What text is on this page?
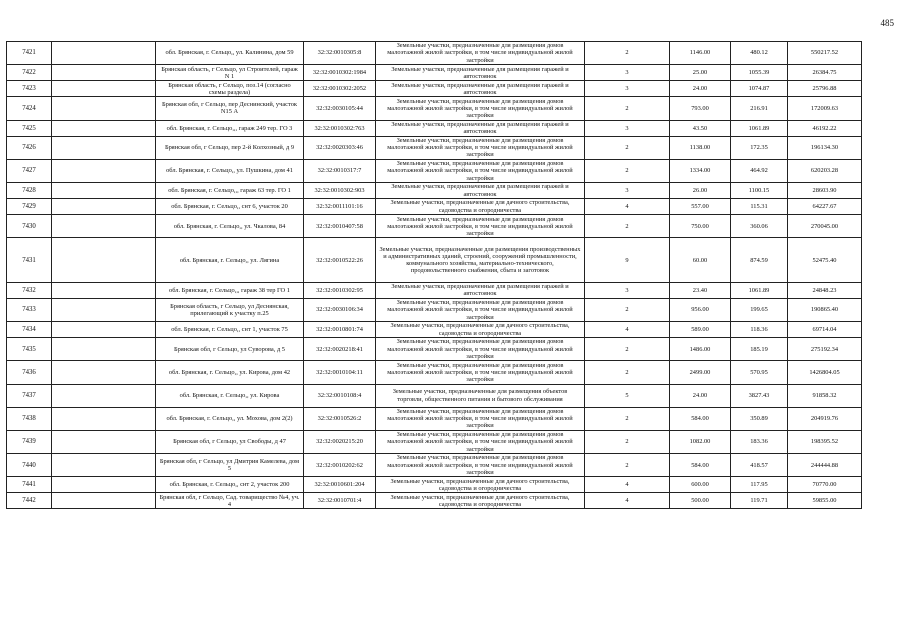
485
7421		обл. Брянская, г. Сельцо,, ул. Калинина, дом 59	32:32:0010305:8	Земельные участки, предназначенные для размещения домов малоэтажной жилой застройки, в том числе индивидуальной жилой застройки	2	1146.00	480.12	550217.52
7422		Брянская область, г Сельцо, ул Строителей, гараж N 1	32:32:0010302:1984	Земельные участки, предназначенные для размещения гаражей и автостоянок	3	25.00	1055.39	26384.75
7423		Брянская область, г Сельцо, поз.14 (согласно схемы раздела)	32:32:0010302:2052	Земельные участки, предназначенные для размещения гаражей и автостоянок	3	24.00	1074.87	25796.88
7424		Брянская обл, г Сельцо, пер Деснинский, участок N15 А	32:32:0030105:44	Земельные участки, предназначенные для размещения домов малоэтажной жилой застройки, в том числе индивидуальной жилой застройки	2	793.00	216.91	172009.63
7425		обл. Брянская, г. Сельцо,,, гараж 249 тер. ГО 3	32:32:0010302:763	Земельные участки, предназначенные для размещения гаражей и автостоянок	3	43.50	1061.89	46192.22
7426		Брянская обл, г Сельцо, пер 2-й Колхозный, д 9	32:32:0020303:46	Земельные участки, предназначенные для размещения домов малоэтажной жилой застройки, в том числе индивидуальной жилой застройки	2	1138.00	172.35	196134.30
7427		обл. Брянская, г. Сельцо,, ул. Пушкина, дом 41	32:32:0010317:7	Земельные участки, предназначенные для размещения домов малоэтажной жилой застройки, в том числе индивидуальной жилой застройки	2	1334.00	464.92	620203.28
7428		обл. Брянская, г. Сельцо,,, гараж 63 тер. ГО 1	32:32:0010302:903	Земельные участки, предназначенные для размещения гаражей и автостоянок	3	26.00	1100.15	28603.90
7429		обл. Брянская, г. Сельцо,, снт 6, участок 20	32:32:0011101:16	Земельные участки, предназначенные для дачного строительства, садоводства и огородничества	4	557.00	115.31	64227.67
7430		обл. Брянская, г. Сельцо,, ул. Чкалова, 84	32:32:0010407:58	Земельные участки, предназначенные для размещения домов малоэтажной жилой застройки, в том числе индивидуальной жилой застройки	2	750.00	360.06	270045.00
7431		обл. Брянская, г. Сельцо,, ул. Лягина	32:32:0010522:26	Земельные участки, предназначенные для размещения производственных и административных зданий, строений, сооружений промышленности, коммунального хозяйства, материально-технического, продовольственного снабжения, сбыта и заготовок	9	60.00	874.59	52475.40
7432		обл. Брянская, г. Сельцо,,, гараж 38 тер ГО 1	32:32:0010302:95	Земельные участки, предназначенные для размещения гаражей и автостоянок	3	23.40	1061.89	24848.23
7433		Брянская область, г Сельцо, ул Деснянская, прилегающий к участку п.25	32:32:0030106:34	Земельные участки, предназначенные для размещения домов малоэтажной жилой застройки, в том числе индивидуальной жилой застройки	2	956.00	199.65	190865.40
7434		обл. Брянская, г. Сельцо,, снт 1, участок 75	32:32:0010801:74	Земельные участки, предназначенные для дачного строительства, садоводства и огородничества	4	589.00	118.36	69714.04
7435		Брянская обл, г Сельцо, ул Суворова, д 5	32:32:0020218:41	Земельные участки, предназначенные для размещения домов малоэтажной жилой застройки, в том числе индивидуальной жилой застройки	2	1486.00	185.19	275192.34
7436		обл. Брянская, г. Сельцо,, ул. Кирова, дом 42	32:32:0010104:11	Земельные участки, предназначенные для размещения домов малоэтажной жилой застройки, в том числе индивидуальной жилой застройки	2	2499.00	570.95	1426804.05
7437		обл. Брянская, г. Сельцо,, ул. Кирова	32:32:0010108:4	Земельные участки, предназначенные для размещения объектов торговли, общественного питания и бытового обслуживания	5	24.00	3827.43	91858.32
7438		обл. Брянская, г. Сельцо,, ул. Мохова, дом 2(2)	32:32:0010526:2	Земельные участки, предназначенные для размещения домов малоэтажной жилой застройки, в том числе индивидуальной жилой застройки	2	584.00	350.89	204919.76
7439		Брянская обл, г Сельцо, ул Свободы, д 47	32:32:0020215:20	Земельные участки, предназначенные для размещения домов малоэтажной жилой застройки, в том числе индивидуальной жилой застройки	2	1082.00	183.36	198395.52
7440		Брянская обл, г Сельцо, ул Дмитрия Камелева, дом 5	32:32:0010202:62	Земельные участки, предназначенные для размещения домов малоэтажной жилой застройки, в том числе индивидуальной жилой застройки	2	584.00	418.57	244444.88
7441		обл. Брянская, г. Сельцо,, снт 2, участок 200	32:32:0010601:204	Земельные участки, предназначенные для дачного строительства, садоводства и огородничества	4	600.00	117.95	70770.00
7442		Брянская обл, г Сельцо, Сад. товарищество №4, уч. 4	32:32:0010701:4	Земельные участки, предназначенные для дачного строительства, садоводства и огородничества	4	500.00	119.71	59855.00
